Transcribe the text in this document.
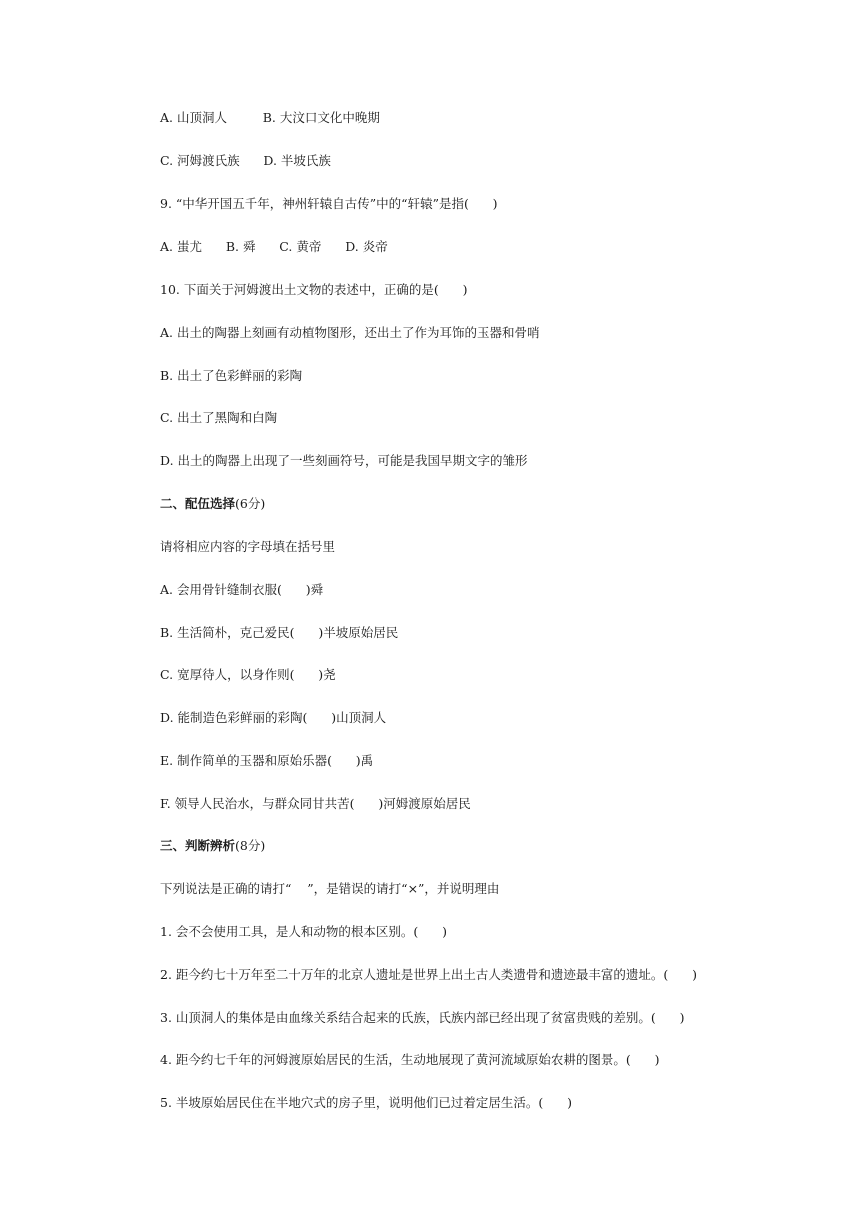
A. 山顶洞人         B. 大汶口文化中晚期
C. 河姆渡氏族      D. 半坡氏族
9. “中华开国五千年，神州轩辕自古传”中的“轩辕”是指(      )
A. 蚩尤      B. 舜      C. 黄帝      D. 炎帝
10. 下面关于河姆渡出土文物的表述中，正确的是(      )
A. 出土的陶器上刻画有动植物图形，还出土了作为耳饰的玉器和骨哨
B. 出土了色彩鲜丽的彩陶
C. 出土了黑陶和白陶
D. 出土的陶器上出现了一些刻画符号，可能是我国早期文字的雏形
二、配伍选择(6分)
请将相应内容的字母填在括号里
A. 会用骨针缝制衣服(      )舜
B. 生活简朴，克己爱民(      )半坡原始居民
C. 宽厚待人，以身作则(      )尧
D. 能制造色彩鲜丽的彩陶(      )山顶洞人
E. 制作简单的玉器和原始乐器(      )禹
F. 领导人民治水，与群众同甘共苦(      )河姆渡原始居民
三、判断辨析(8分)
下列说法是正确的请打“    ”，是错误的请打“×”，并说明理由
1. 会不会使用工具，是人和动物的根本区别。(      )
2. 距今约七十万年至二十万年的北京人遗址是世界上出土古人类遗骨和遗迹最丰富的遗址。(      )
3. 山顶洞人的集体是由血缘关系结合起来的氏族，氏族内部已经出现了贫富贵贱的差别。(      )
4. 距今约七千年的河姆渡原始居民的生活，生动地展现了黄河流域原始农耕的图景。(      )
5. 半坡原始居民住在半地穴式的房子里，说明他们已过着定居生活。(      )
